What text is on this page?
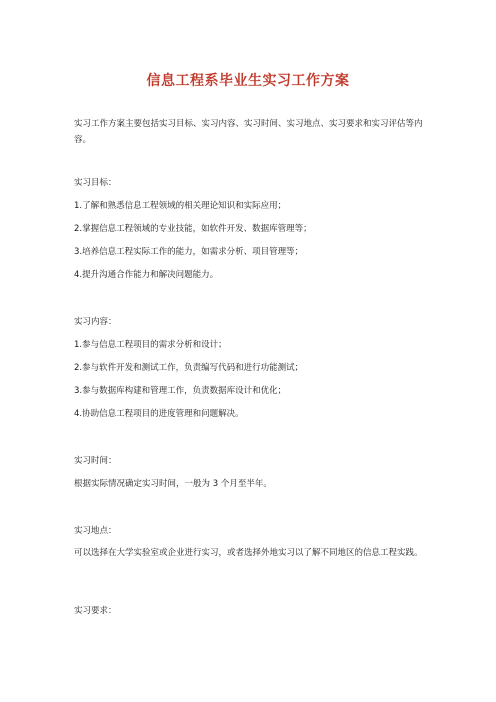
信息工程系毕业生实习工作方案
实习工作方案主要包括实习目标、实习内容、实习时间、实习地点、实习要求和实习评估等内容。
实习目标：
1.了解和熟悉信息工程领域的相关理论知识和实际应用；
2.掌握信息工程领域的专业技能，如软件开发、数据库管理等；
3.培养信息工程实际工作的能力，如需求分析、项目管理等；
4.提升沟通合作能力和解决问题能力。
实习内容：
1.参与信息工程项目的需求分析和设计；
2.参与软件开发和测试工作，负责编写代码和进行功能测试；
3.参与数据库构建和管理工作，负责数据库设计和优化；
4.协助信息工程项目的进度管理和问题解决。
实习时间：
根据实际情况确定实习时间，一般为 3 个月至半年。
实习地点：
可以选择在大学实验室或企业进行实习，或者选择外地实习以了解不同地区的信息工程实践。
实习要求：
